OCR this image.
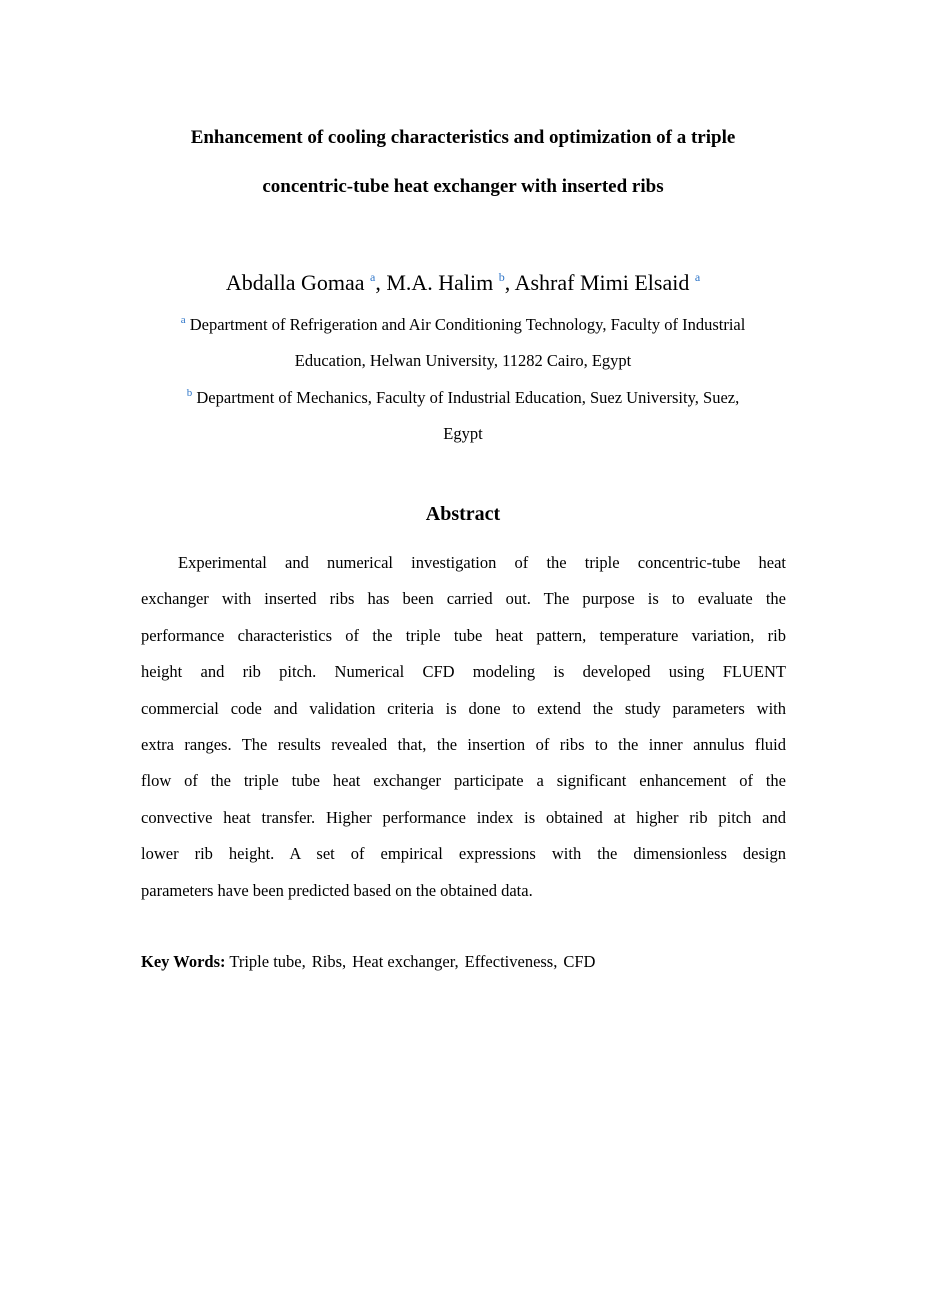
Enhancement of cooling characteristics and optimization of a triple
concentric-tube heat exchanger with inserted ribs
Abdalla Gomaa $^a$, M.A. Halim $^b$, Ashraf Mimi Elsaid $^a$
$^a$ Department of Refrigeration and Air Conditioning Technology, Faculty of Industrial
Education, Helwan University, 11282 Cairo, Egypt
$^b$ Department of Mechanics, Faculty of Industrial Education, Suez University, Suez,
Egypt
Abstract
Experimental and numerical investigation of the triple concentric-tube heat
exchanger with inserted ribs has been carried out. The purpose is to evaluate the
performance characteristics of the triple tube heat pattern, temperature variation, rib
height and rib pitch. Numerical CFD modeling is developed using FLUENT
commercial code and validation criteria is done to extend the study parameters with
extra ranges. The results revealed that, the insertion of ribs to the inner annulus fluid
flow of the triple tube heat exchanger participate a significant enhancement of the
convective heat transfer. Higher performance index is obtained at higher rib pitch and
lower rib height. A set of empirical expressions with the dimensionless design
parameters have been predicted based on the obtained data.
Key Words: Triple tube, Ribs, Heat exchanger, Effectiveness, CFD
